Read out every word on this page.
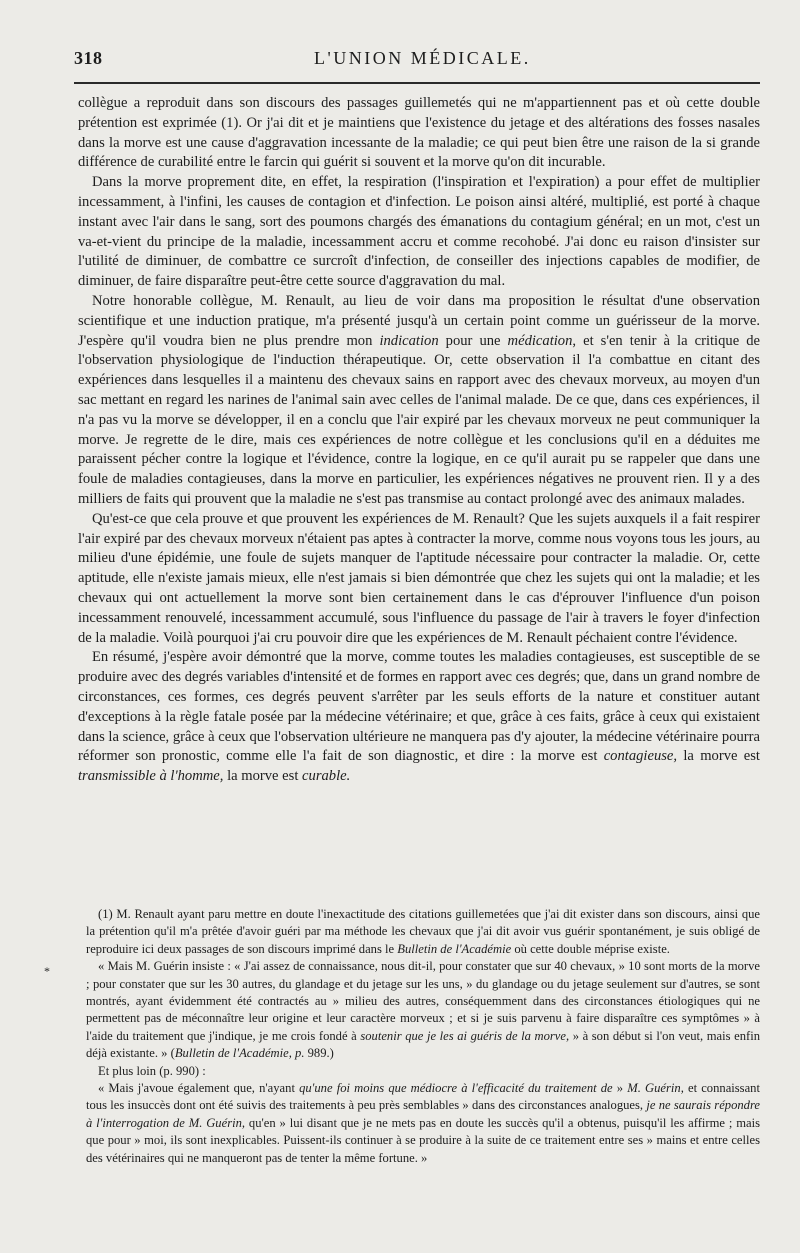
318	L'UNION MÉDICALE.

collègue a reproduit dans son discours des passages guillemetés qui ne m'appartiennent pas et où cette double prétention est exprimée (1). Or j'ai dit et je maintiens que l'existence du jetage et des altérations des fosses nasales dans la morve est une cause d'aggravation incessante de la maladie; ce qui peut bien être une raison de la si grande différence de curabilité entre le farcin qui guérit si souvent et la morve qu'on dit incurable.

Dans la morve proprement dite, en effet, la respiration (l'inspiration et l'expiration) a pour effet de multiplier incessamment, à l'infini, les causes de contagion et d'infection. Le poison ainsi altéré, multiplié, est porté à chaque instant avec l'air dans le sang, sort des poumons chargés des émanations du contagium général; en un mot, c'est un va-et-vient du principe de la maladie, incessamment accru et comme recohobé. J'ai donc eu raison d'insister sur l'utilité de diminuer, de combattre ce surcroît d'infection, de conseiller des injections capables de modifier, de diminuer, de faire disparaître peut-être cette source d'aggravation du mal.

Notre honorable collègue, M. Renault, au lieu de voir dans ma proposition le résultat d'une observation scientifique et une induction pratique, m'a présenté jusqu'à un certain point comme un guérisseur de la morve. J'espère qu'il voudra bien ne plus prendre mon indication pour une médication, et s'en tenir à la critique de l'observation physiologique de l'induction thérapeutique. Or, cette observation il l'a combattue en citant des expériences dans lesquelles il a maintenu des chevaux sains en rapport avec des chevaux morveux, au moyen d'un sac mettant en regard les narines de l'animal sain avec celles de l'animal malade. De ce que, dans ces expériences, il n'a pas vu la morve se développer, il en a conclu que l'air expiré par les chevaux morveux ne peut communiquer la morve. Je regrette de le dire, mais ces expériences de notre collègue et les conclusions qu'il en a déduites me paraissent pécher contre la logique et l'évidence, contre la logique, en ce qu'il aurait pu se rappeler que dans une foule de maladies contagieuses, dans la morve en particulier, les expériences négatives ne prouvent rien. Il y a des milliers de faits qui prouvent que la maladie ne s'est pas transmise au contact prolongé avec des animaux malades.

Qu'est-ce que cela prouve et que prouvent les expériences de M. Renault? Que les sujets auxquels il a fait respirer l'air expiré par des chevaux morveux n'étaient pas aptes à contracter la morve, comme nous voyons tous les jours, au milieu d'une épidémie, une foule de sujets manquer de l'aptitude nécessaire pour contracter la maladie. Or, cette aptitude, elle n'existe jamais mieux, elle n'est jamais si bien démontrée que chez les sujets qui ont la maladie; et les chevaux qui ont actuellement la morve sont bien certainement dans le cas d'éprouver l'influence d'un poison incessamment renouvelé, incessamment accumulé, sous l'influence du passage de l'air à travers le foyer d'infection de la maladie. Voilà pourquoi j'ai cru pouvoir dire que les expériences de M. Renault péchaient contre l'évidence.

En résumé, j'espère avoir démontré que la morve, comme toutes les maladies contagieuses, est susceptible de se produire avec des degrés variables d'intensité et de formes en rapport avec ces degrés; que, dans un grand nombre de circonstances, ces formes, ces degrés peuvent s'arrêter par les seuls efforts de la nature et constituer autant d'exceptions à la règle fatale posée par la médecine vétérinaire; et que, grâce à ces faits, grâce à ceux qui existaient dans la science, grâce à ceux que l'observation ultérieure ne manquera pas d'y ajouter, la médecine vétérinaire pourra réformer son pronostic, comme elle l'a fait de son diagnostic, et dire : la morve est contagieuse, la morve est transmissible à l'homme, la morve est curable.

*

(1) M. Renault ayant paru mettre en doute l'inexactitude des citations guillemetées que j'ai dit exister dans son discours, ainsi que la prétention qu'il m'a prêtée d'avoir guéri par ma méthode les chevaux que j'ai dit avoir vus guérir spontanément, je suis obligé de reproduire ici deux passages de son discours imprimé dans le Bulletin de l'Académie où cette double méprise existe.

« Mais M. Guérin insiste : « J'ai assez de connaissance, nous dit-il, pour constater que sur 40 chevaux, » 10 sont morts de la morve ; pour constater que sur les 30 autres, du glandage et du jetage sur les uns, » du glandage ou du jetage seulement sur d'autres, se sont montrés, ayant évidemment été contractés au » milieu des autres, conséquemment dans des circonstances étiologiques qui ne permettent pas de méconnaître leur origine et leur caractère morveux ; et si je suis parvenu à faire disparaître ces symptômes » à l'aide du traitement que j'indique, je me crois fondé à soutenir que je les ai guéris de la morve, » à son début si l'on veut, mais enfin déjà existante. » (Bulletin de l'Académie, p. 989.)

Et plus loin (p. 990) :

« Mais j'avoue également que, n'ayant qu'une foi moins que médiocre à l'efficacité du traitement de » M. Guérin, et connaissant tous les insuccès dont ont été suivis des traitements à peu près semblables » dans des circonstances analogues, je ne saurais répondre à l'interrogation de M. Guérin, qu'en » lui disant que je ne mets pas en doute les succès qu'il a obtenus, puisqu'il les affirme ; mais que pour » moi, ils sont inexplicables. Puissent-ils continuer à se produire à la suite de ce traitement entre ses » mains et entre celles des vétérinaires qui ne manqueront pas de tenter la même fortune. »
